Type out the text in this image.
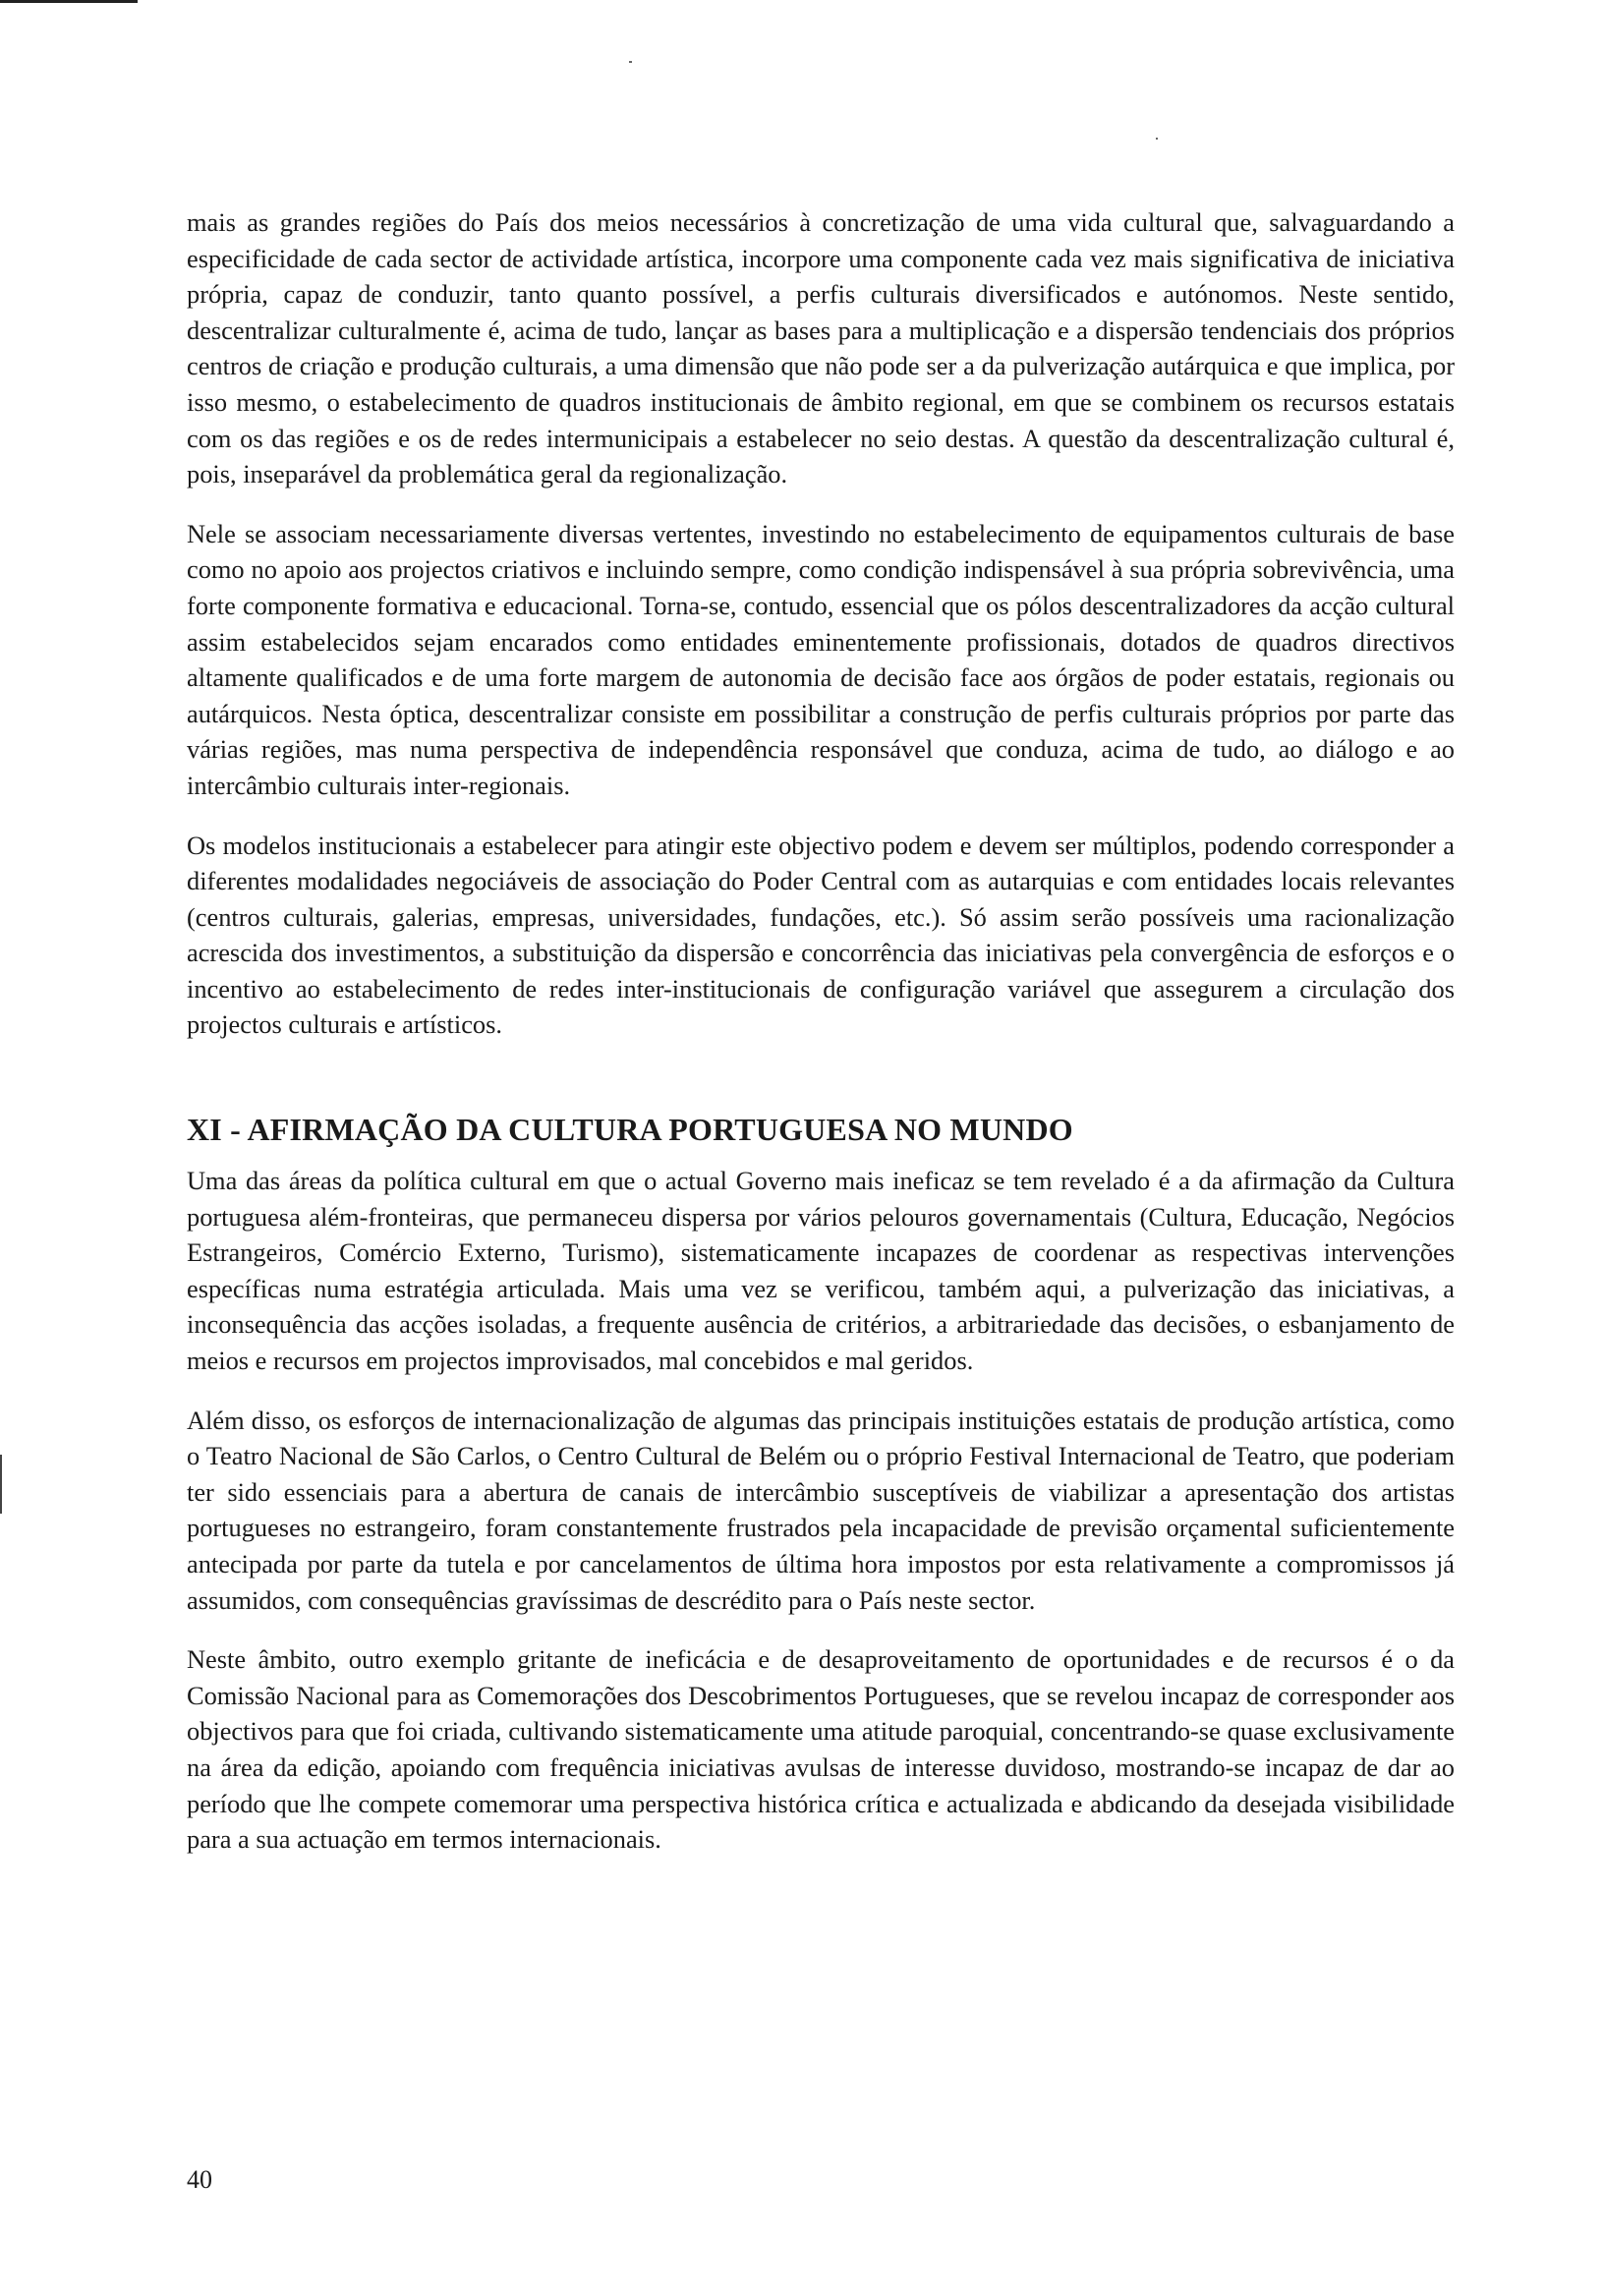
mais as grandes regiões do País dos meios necessários à concretização de uma vida cultural que, salvaguardando a especificidade de cada sector de actividade artística, incorpore uma componente cada vez mais significativa de iniciativa própria, capaz de conduzir, tanto quanto possível, a perfis culturais diversificados e autónomos. Neste sentido, descentralizar culturalmente é, acima de tudo, lançar as bases para a multiplicação e a dispersão tendenciais dos próprios centros de criação e produção culturais, a uma dimensão que não pode ser a da pulverização autárquica e que implica, por isso mesmo, o estabelecimento de quadros institucionais de âmbito regional, em que se combinem os recursos estatais com os das regiões e os de redes intermunicipais a estabelecer no seio destas. A questão da descentralização cultural é, pois, inseparável da problemática geral da regionalização.

Nele se associam necessariamente diversas vertentes, investindo no estabelecimento de equipamentos culturais de base como no apoio aos projectos criativos e incluindo sempre, como condição indispensável à sua própria sobrevivência, uma forte componente formativa e educacional. Torna-se, contudo, essencial que os pólos descentralizadores da acção cultural assim estabelecidos sejam encarados como entidades eminentemente profissionais, dotados de quadros directivos altamente qualificados e de uma forte margem de autonomia de decisão face aos órgãos de poder estatais, regionais ou autárquicos. Nesta óptica, descentralizar consiste em possibilitar a construção de perfis culturais próprios por parte das várias regiões, mas numa perspectiva de independência responsável que conduza, acima de tudo, ao diálogo e ao intercâmbio culturais inter-regionais.

Os modelos institucionais a estabelecer para atingir este objectivo podem e devem ser múltiplos, podendo corresponder a diferentes modalidades negociáveis de associação do Poder Central com as autarquias e com entidades locais relevantes (centros culturais, galerias, empresas, universidades, fundações, etc.). Só assim serão possíveis uma racionalização acrescida dos investimentos, a substituição da dispersão e concorrência das iniciativas pela convergência de esforços e o incentivo ao estabelecimento de redes inter-institucionais de configuração variável que assegurem a circulação dos projectos culturais e artísticos.

XI - AFIRMAÇÃO DA CULTURA PORTUGUESA NO MUNDO

Uma das áreas da política cultural em que o actual Governo mais ineficaz se tem revelado é a da afirmação da Cultura portuguesa além-fronteiras, que permaneceu dispersa por vários pelouros governamentais (Cultura, Educação, Negócios Estrangeiros, Comércio Externo, Turismo), sistematicamente incapazes de coordenar as respectivas intervenções específicas numa estratégia articulada. Mais uma vez se verificou, também aqui, a pulverização das iniciativas, a inconsequência das acções isoladas, a frequente ausência de critérios, a arbitrariedade das decisões, o esbanjamento de meios e recursos em projectos improvisados, mal concebidos e mal geridos.

Além disso, os esforços de internacionalização de algumas das principais instituições estatais de produção artística, como o Teatro Nacional de São Carlos, o Centro Cultural de Belém ou o próprio Festival Internacional de Teatro, que poderiam ter sido essenciais para a abertura de canais de intercâmbio susceptíveis de viabilizar a apresentação dos artistas portugueses no estrangeiro, foram constantemente frustrados pela incapacidade de previsão orçamental suficientemente antecipada por parte da tutela e por cancelamentos de última hora impostos por esta relativamente a compromissos já assumidos, com consequências gravíssimas de descrédito para o País neste sector.

Neste âmbito, outro exemplo gritante de ineficácia e de desaproveitamento de oportunidades e de recursos é o da Comissão Nacional para as Comemorações dos Descobrimentos Portugueses, que se revelou incapaz de corresponder aos objectivos para que foi criada, cultivando sistematicamente uma atitude paroquial, concentrando-se quase exclusivamente na área da edição, apoiando com frequência iniciativas avulsas de interesse duvidoso, mostrando-se incapaz de dar ao período que lhe compete comemorar uma perspectiva histórica crítica e actualizada e abdicando da desejada visibilidade para a sua actuação em termos internacionais.

40
